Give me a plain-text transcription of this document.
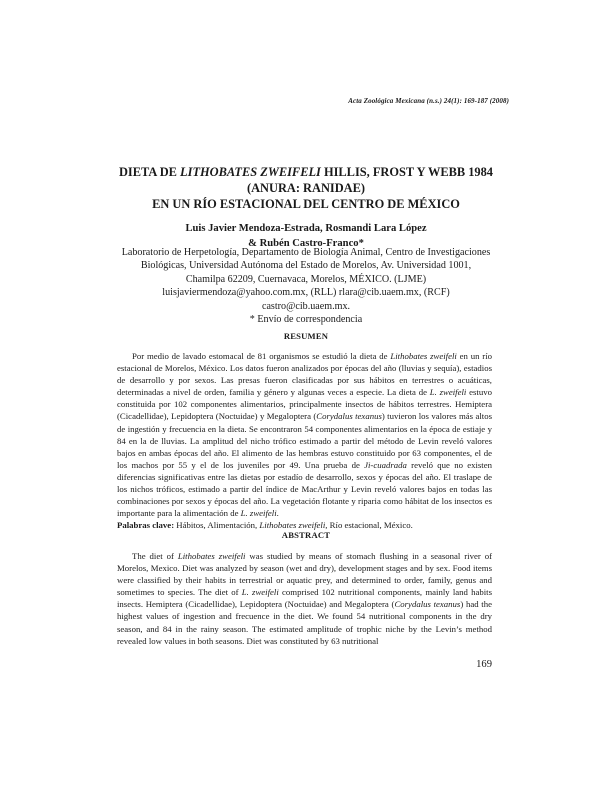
Acta Zoológica Mexicana (n.s.) 24(1): 169-187 (2008)
DIETA DE LITHOBATES ZWEIFELI HILLIS, FROST Y WEBB 1984
(ANURA: RANIDAE)
EN UN RÍO ESTACIONAL DEL CENTRO DE MÉXICO
Luis Javier Mendoza-Estrada, Rosmandi Lara López
& Rubén Castro-Franco*
Laboratorio de Herpetología, Departamento de Biología Animal, Centro de Investigaciones
Biológicas, Universidad Autónoma del Estado de Morelos, Av. Universidad 1001,
Chamilpa 62209, Cuernavaca, Morelos, MÉXICO. (LJME)
luisjaviermendoza@yahoo.com.mx, (RLL) rlara@cib.uaem.mx, (RCF)
castro@cib.uaem.mx.
* Envío de correspondencia
RESUMEN

Por medio de lavado estomacal de 81 organismos se estudió la dieta de Lithobates zweifeli en un río estacional de Morelos, México. Los datos fueron analizados por épocas del año (lluvias y sequía), estadios de desarrollo y por sexos. Las presas fueron clasificadas por sus hábitos en terrestres o acuáticas, determinadas a nivel de orden, familia y género y algunas veces a especie. La dieta de L. zweifeli estuvo constituida por 102 componentes alimentarios, principalmente insectos de hábitos terrestres. Hemiptera (Cicadellidae), Lepidoptera (Noctuidae) y Megaloptera (Corydalus texanus) tuvieron los valores más altos de ingestión y frecuencia en la dieta. Se encontraron 54 componentes alimentarios en la época de estiaje y 84 en la de lluvias. La amplitud del nicho trófico estimado a partir del método de Levin reveló valores bajos en ambas épocas del año. El alimento de las hembras estuvo constituido por 63 componentes, el de los machos por 55 y el de los juveniles por 49. Una prueba de Ji-cuadrada reveló que no existen diferencias significativas entre las dietas por estadío de desarrollo, sexos y épocas del año. El traslape de los nichos tróficos, estimado a partir del índice de MacArthur y Levin reveló valores bajos en todas las combinaciones por sexos y épocas del año. La vegetación flotante y riparia como hábitat de los insectos es importante para la alimentación de L. zweifeli.

Palabras clave: Hábitos, Alimentación, Lithobates zweifeli, Río estacional, México.
ABSTRACT

The diet of Lithobates zweifeli was studied by means of stomach flushing in a seasonal river of Morelos, Mexico. Diet was analyzed by season (wet and dry), development stages and by sex. Food items were classified by their habits in terrestrial or aquatic prey, and determined to order, family, genus and sometimes to species. The diet of L. zweifeli comprised 102 nutritional components, mainly land habits insects. Hemiptera (Cicadellidae), Lepidoptera (Noctuidae) and Megaloptera (Corydalus texanus) had the highest values of ingestion and frecuence in the diet. We found 54 nutritional components in the dry season, and 84 in the rainy season. The estimated amplitude of trophic niche by the Levin’s method revealed low values in both seasons. Diet was constituted by 63 nutritional

169
